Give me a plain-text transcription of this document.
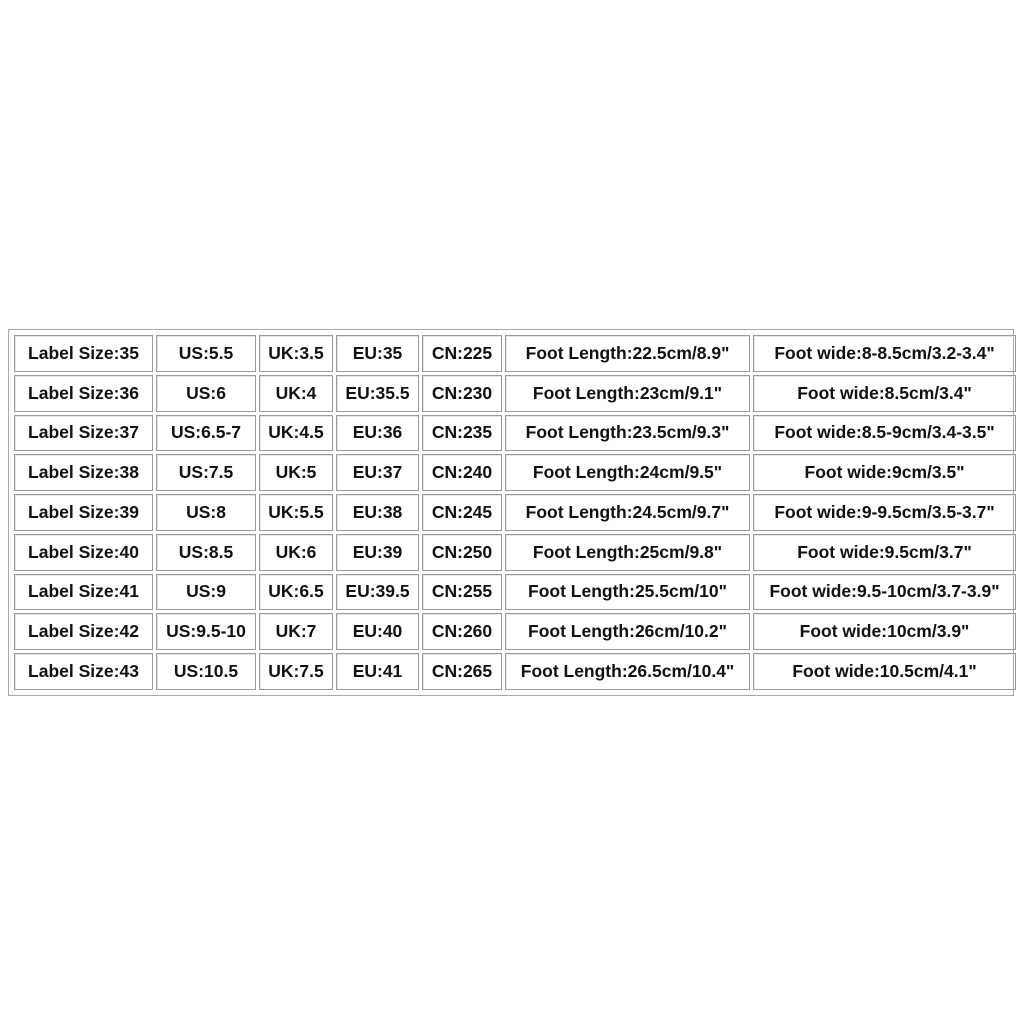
Label Size:35	US:5.5	UK:3.5	EU:35	CN:225	Foot Length:22.5cm/8.9"	Foot wide:8-8.5cm/3.2-3.4"
Label Size:36	US:6	UK:4	EU:35.5	CN:230	Foot Length:23cm/9.1"	Foot wide:8.5cm/3.4"
Label Size:37	US:6.5-7	UK:4.5	EU:36	CN:235	Foot Length:23.5cm/9.3"	Foot wide:8.5-9cm/3.4-3.5"
Label Size:38	US:7.5	UK:5	EU:37	CN:240	Foot Length:24cm/9.5"	Foot wide:9cm/3.5"
Label Size:39	US:8	UK:5.5	EU:38	CN:245	Foot Length:24.5cm/9.7"	Foot wide:9-9.5cm/3.5-3.7"
Label Size:40	US:8.5	UK:6	EU:39	CN:250	Foot Length:25cm/9.8"	Foot wide:9.5cm/3.7"
Label Size:41	US:9	UK:6.5	EU:39.5	CN:255	Foot Length:25.5cm/10"	Foot wide:9.5-10cm/3.7-3.9"
Label Size:42	US:9.5-10	UK:7	EU:40	CN:260	Foot Length:26cm/10.2"	Foot wide:10cm/3.9"
Label Size:43	US:10.5	UK:7.5	EU:41	CN:265	Foot Length:26.5cm/10.4"	Foot wide:10.5cm/4.1"
